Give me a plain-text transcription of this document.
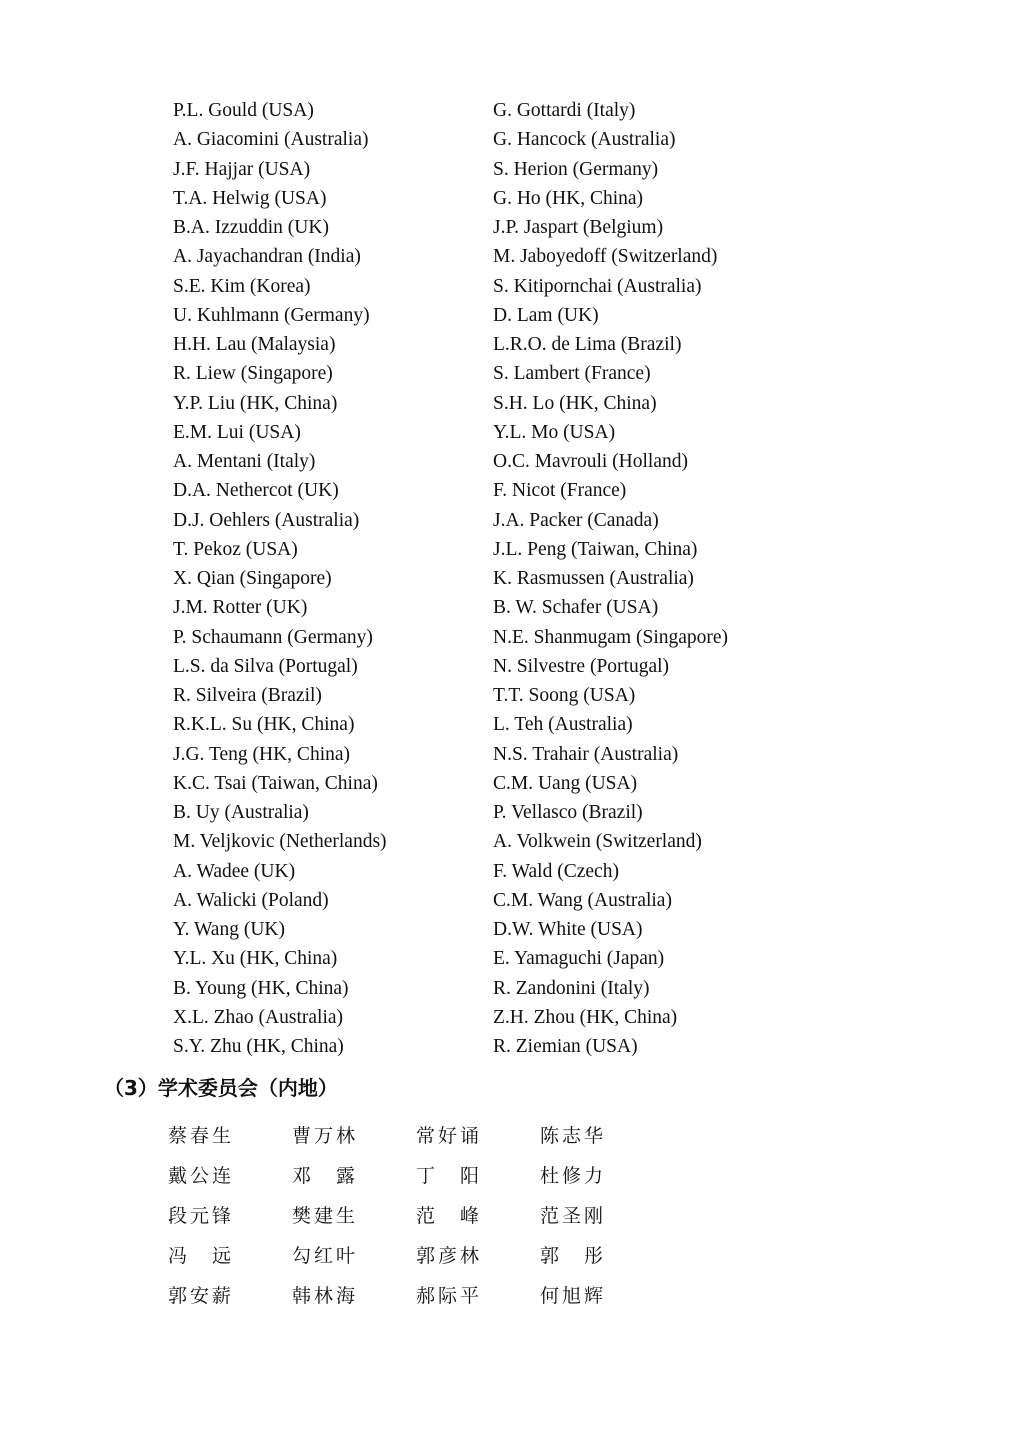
P.L. Gould (USA)	G. Gottardi (Italy)
A. Giacomini (Australia)	G. Hancock (Australia)
J.F. Hajjar (USA)	S. Herion (Germany)
T.A. Helwig (USA)	G. Ho (HK, China)
B.A. Izzuddin (UK)	J.P. Jaspart (Belgium)
A. Jayachandran (India)	M. Jaboyedoff (Switzerland)
S.E. Kim (Korea)	S. Kitipornchai (Australia)
U. Kuhlmann (Germany)	D. Lam (UK)
H.H. Lau (Malaysia)	L.R.O. de Lima (Brazil)
R. Liew (Singapore)	S. Lambert (France)
Y.P. Liu (HK, China)	S.H. Lo (HK, China)
E.M. Lui (USA)	Y.L. Mo (USA)
A. Mentani (Italy)	O.C. Mavrouli (Holland)
D.A. Nethercot (UK)	F. Nicot (France)
D.J. Oehlers (Australia)	J.A. Packer (Canada)
T. Pekoz (USA)	J.L. Peng (Taiwan, China)
X. Qian (Singapore)	K. Rasmussen (Australia)
J.M. Rotter (UK)	B. W. Schafer (USA)
P. Schaumann (Germany)	N.E. Shanmugam (Singapore)
L.S. da Silva (Portugal)	N. Silvestre (Portugal)
R. Silveira (Brazil)	T.T. Soong (USA)
R.K.L. Su (HK, China)	L. Teh (Australia)
J.G. Teng (HK, China)	N.S. Trahair (Australia)
K.C. Tsai (Taiwan, China)	C.M. Uang (USA)
B. Uy (Australia)	P. Vellasco (Brazil)
M. Veljkovic (Netherlands)	A. Volkwein (Switzerland)
A. Wadee (UK)	F. Wald (Czech)
A. Walicki (Poland)	C.M. Wang (Australia)
Y. Wang (UK)	D.W. White (USA)
Y.L. Xu (HK, China)	E. Yamaguchi (Japan)
B. Young (HK, China)	R. Zandonini (Italy)
X.L. Zhao (Australia)	Z.H. Zhou (HK, China)
S.Y. Zhu (HK, China)	R. Ziemian (USA)
（3）学术委员会（内地）
蔡春生	曹万林	常好诵	陈志华
戴公连	邓　露	丁　阳	杜修力
段元锋	樊建生	范　峰	范圣刚
冯　远	勾红叶	郭彦林	郭　彤
郭安薪	韩林海	郝际平	何旭辉
